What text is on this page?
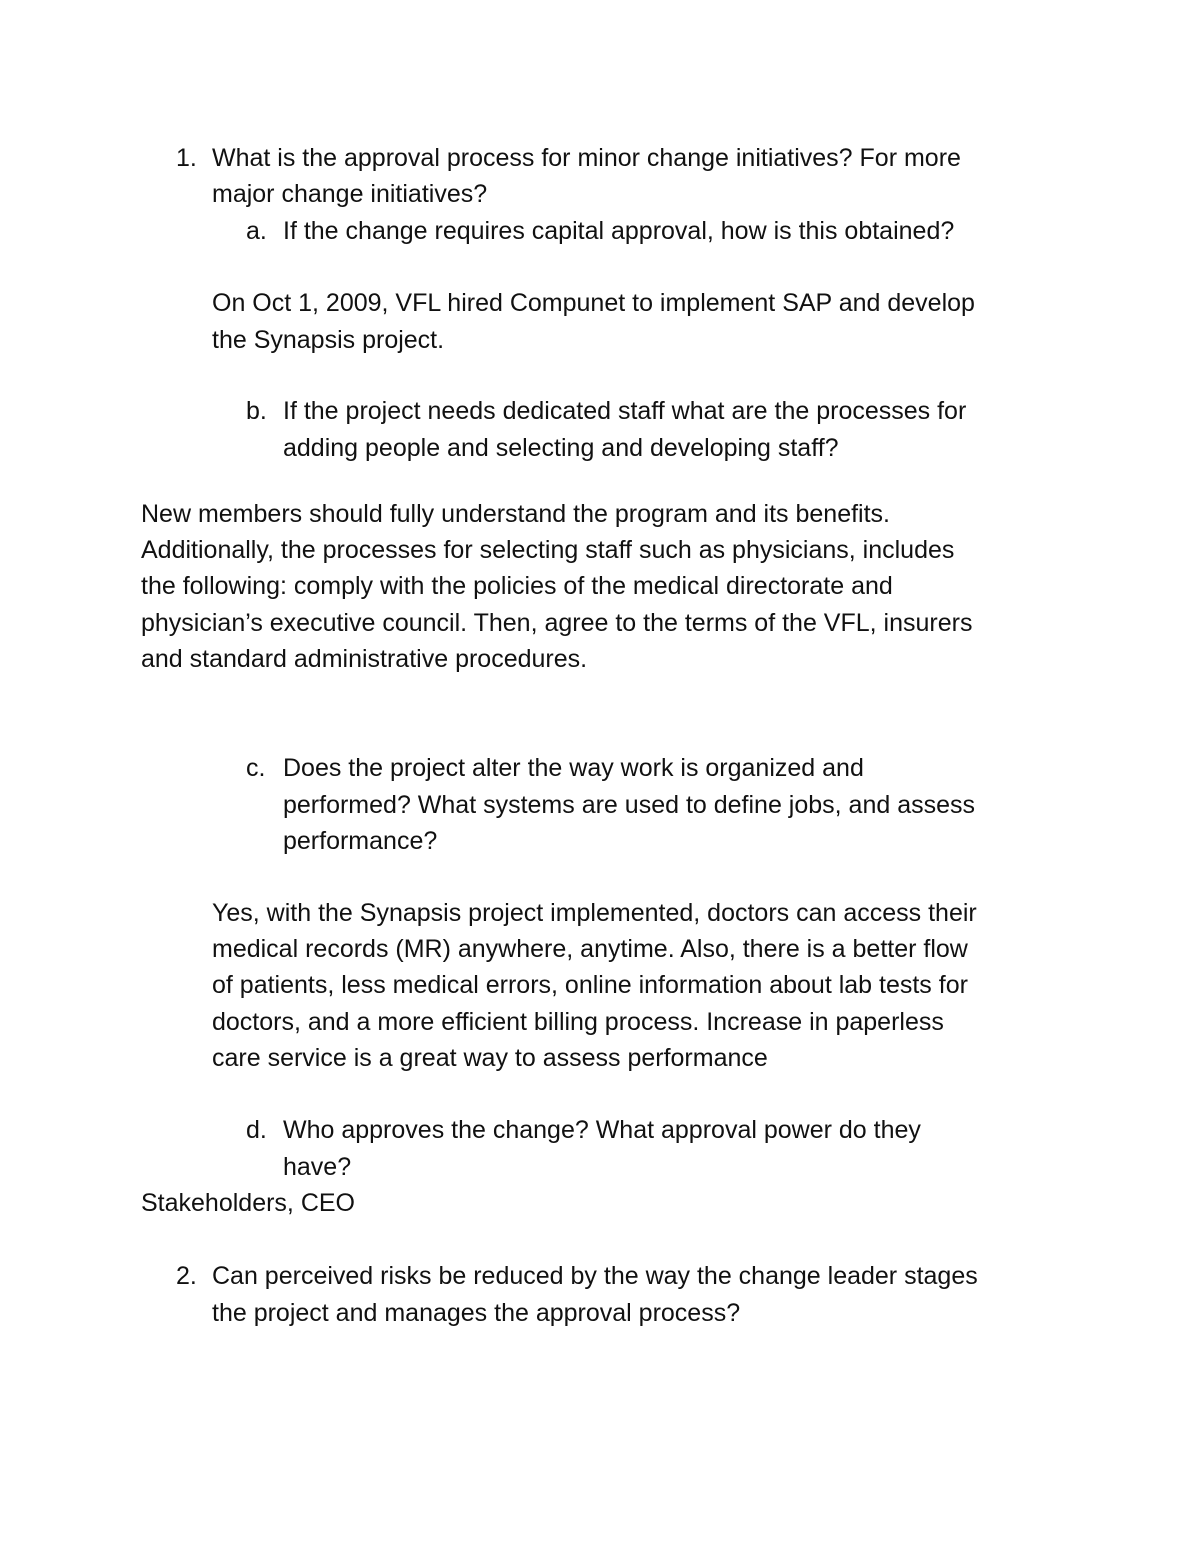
1. What is the approval process for minor change initiatives? For more
major change initiatives?
a. If the change requires capital approval, how is this obtained?
On Oct 1, 2009, VFL hired Compunet to implement SAP and develop
the Synapsis project.
b. If the project needs dedicated staff what are the processes for
adding people and selecting and developing staff?
New members should fully understand the program and its benefits.
Additionally, the processes for selecting staff such as physicians, includes
the following: comply with the policies of the medical directorate and
physician’s executive council. Then, agree to the terms of the VFL, insurers
and standard administrative procedures.
c. Does the project alter the way work is organized and
performed? What systems are used to define jobs, and assess
performance?
Yes, with the Synapsis project implemented, doctors can access their
medical records (MR) anywhere, anytime. Also, there is a better flow
of patients, less medical errors, online information about lab tests for
doctors, and a more efficient billing process. Increase in paperless
care service is a great way to assess performance
d. Who approves the change? What approval power do they
have?
Stakeholders, CEO
2. Can perceived risks be reduced by the way the change leader stages
the project and manages the approval process?
